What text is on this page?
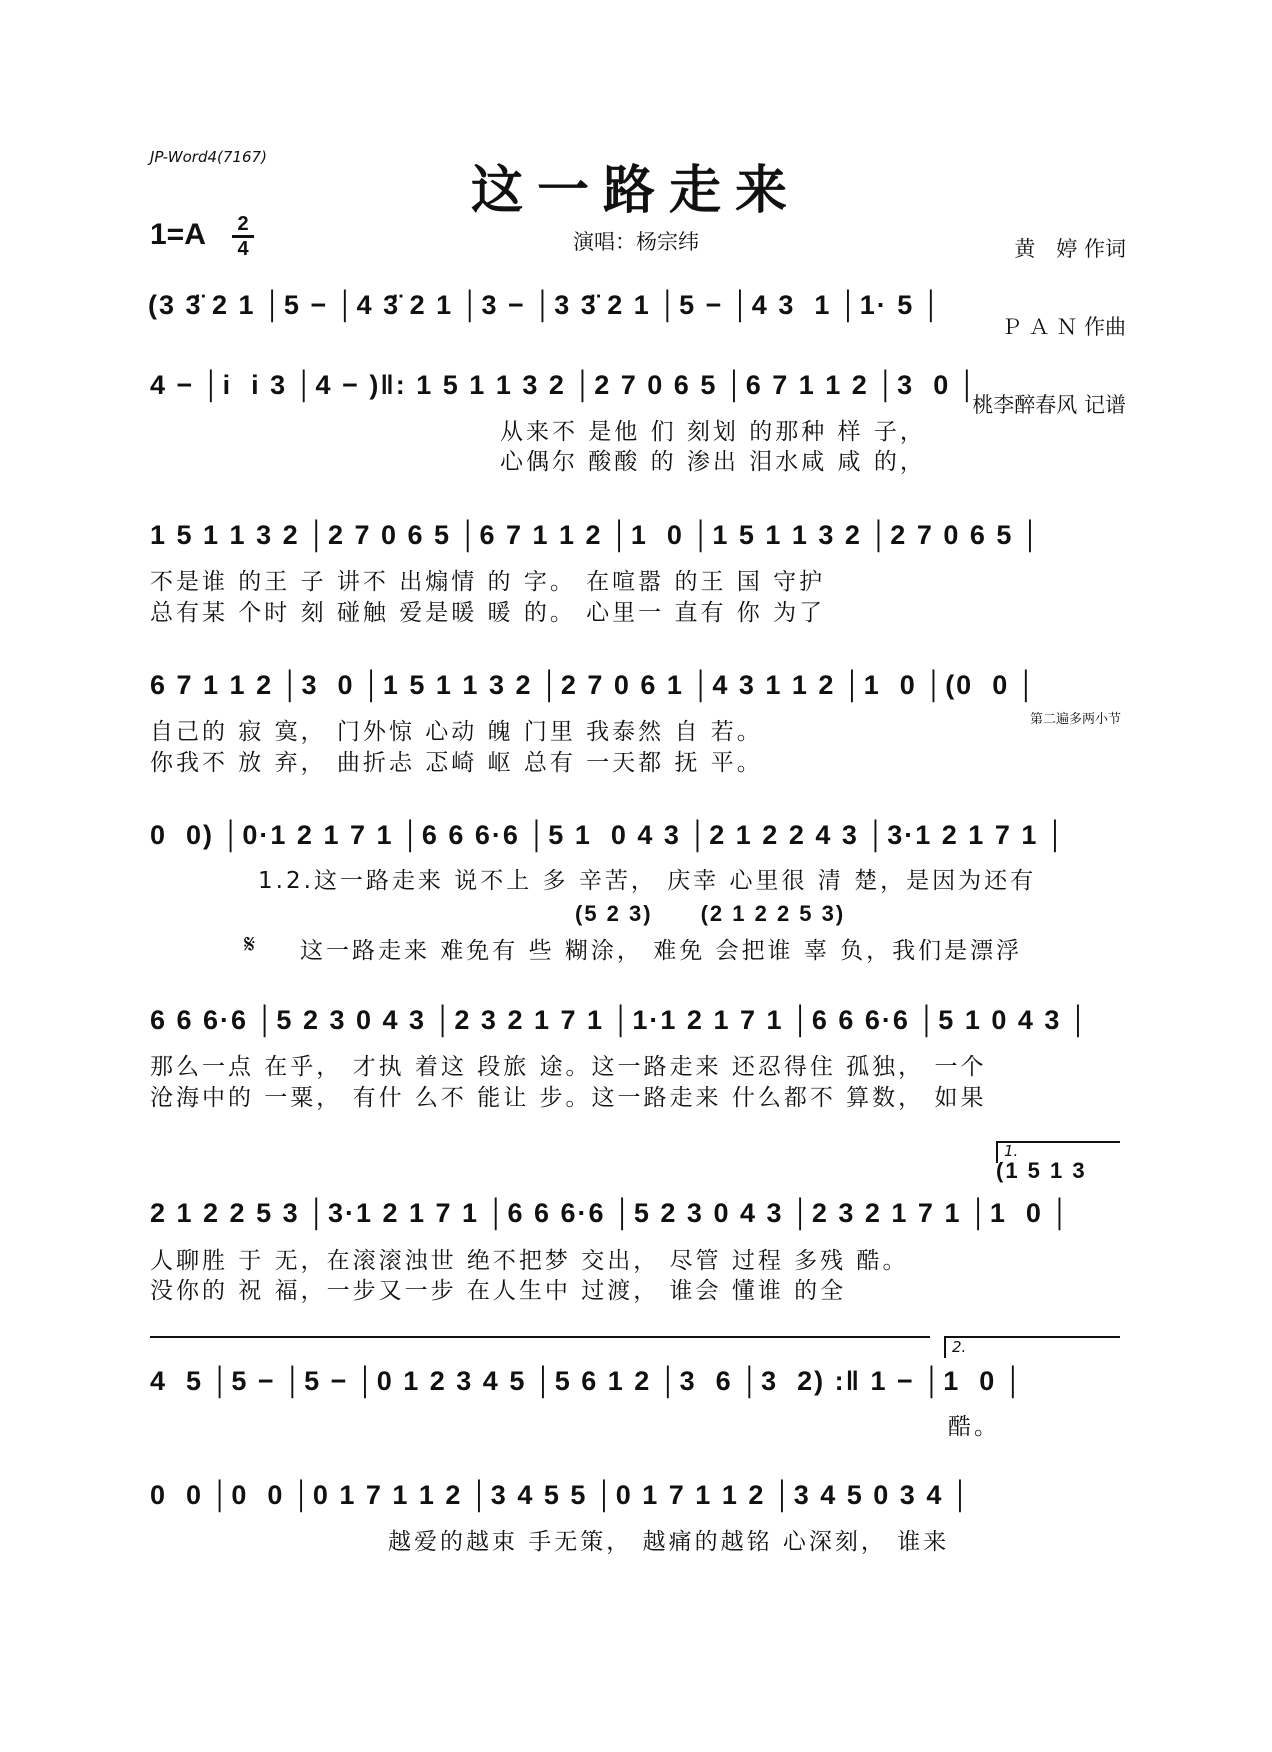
JP-Word4(7167)
这一路走来
1=A 2
4	演唱：杨宗纬

	黄　婷 作词

Ｐ Ａ Ｎ 作曲

桃李醉春风 记谱

(3 3̈ 2 1 │5 − │4 3̈ 2 1 │3 − │3 3̈ 2 1 │5 − │4 3  1 │1· 5 │
4 − │i  i 3 │4 − )‖: 1 5 1 1 3 2 │2 7 0 6 5 │6 7 1 1 2 │3  0 │
从来不 是他 们 刻划 的那种 样 子，
心偶尔 酸酸 的 渗出 泪水咸 咸 的，
1 5 1 1 3 2 │2 7 0 6 5 │6 7 1 1 2 │1  0 │1 5 1 1 3 2 │2 7 0 6 5 │
不是谁 的王 子 讲不 出煽情 的 字。 在喧嚣 的王 国 守护
总有某 个时 刻 碰触 爱是暖 暖 的。 心里一 直有 你 为了
6 7 1 1 2 │3  0 │1 5 1 1 3 2 │2 7 0 6 1 │4 3 1 1 2 │1  0 │(0  0 │
自己的 寂 寞， 门外惊 心动 魄 门里 我泰然 自 若。
你我不 放 弃， 曲折忐 忑崎 岖 总有 一天都 抚 平。
第二遍多两小节
0  0) │0·1 2 1 7 1 │6 6 6·6 │5 1  0 4 3 │2 1 2 2 4 3 │3·1 2 1 7 1 │
1.2.这一路走来 说不上 多 辛苦， 庆幸 心里很 清 楚，是因为还有
(5 2 3)　　(2 1 2 2 5 3)
𝄋 这一路走来 难免有 些 糊涂， 难免 会把谁 辜 负，我们是漂浮
6 6 6·6 │5 2 3 0 4 3 │2 3 2 1 7 1 │1·1 2 1 7 1 │6 6 6·6 │5 1 0 4 3 │
那么一点 在乎， 才执 着这 段旅 途。这一路走来 还忍得住 孤独， 一个
沧海中的 一粟， 有什 么不 能让 步。这一路走来 什么都不 算数， 如果
1.
(1 5 1 3
2 1 2 2 5 3 │3·1 2 1 7 1 │6 6 6·6 │5 2 3 0 4 3 │2 3 2 1 7 1 │1  0 │
人聊胜 于 无，在滚滚浊世 绝不把梦 交出， 尽管 过程 多残 酷。
没你的 祝 福，一步又一步 在人生中 过渡， 谁会 懂谁 的全
2.
4  5 │5 − │5 − │0 1 2 3 4 5 │5 6 1 2 │3  6 │3  2) :‖ 1 − │1  0 │
酷。
0  0 │0  0 │0 1 7 1 1 2 │3 4 5 5 │0 1 7 1 1 2 │3 4 5 0 3 4 │
越爱的越束 手无策， 越痛的越铭 心深刻， 谁来
